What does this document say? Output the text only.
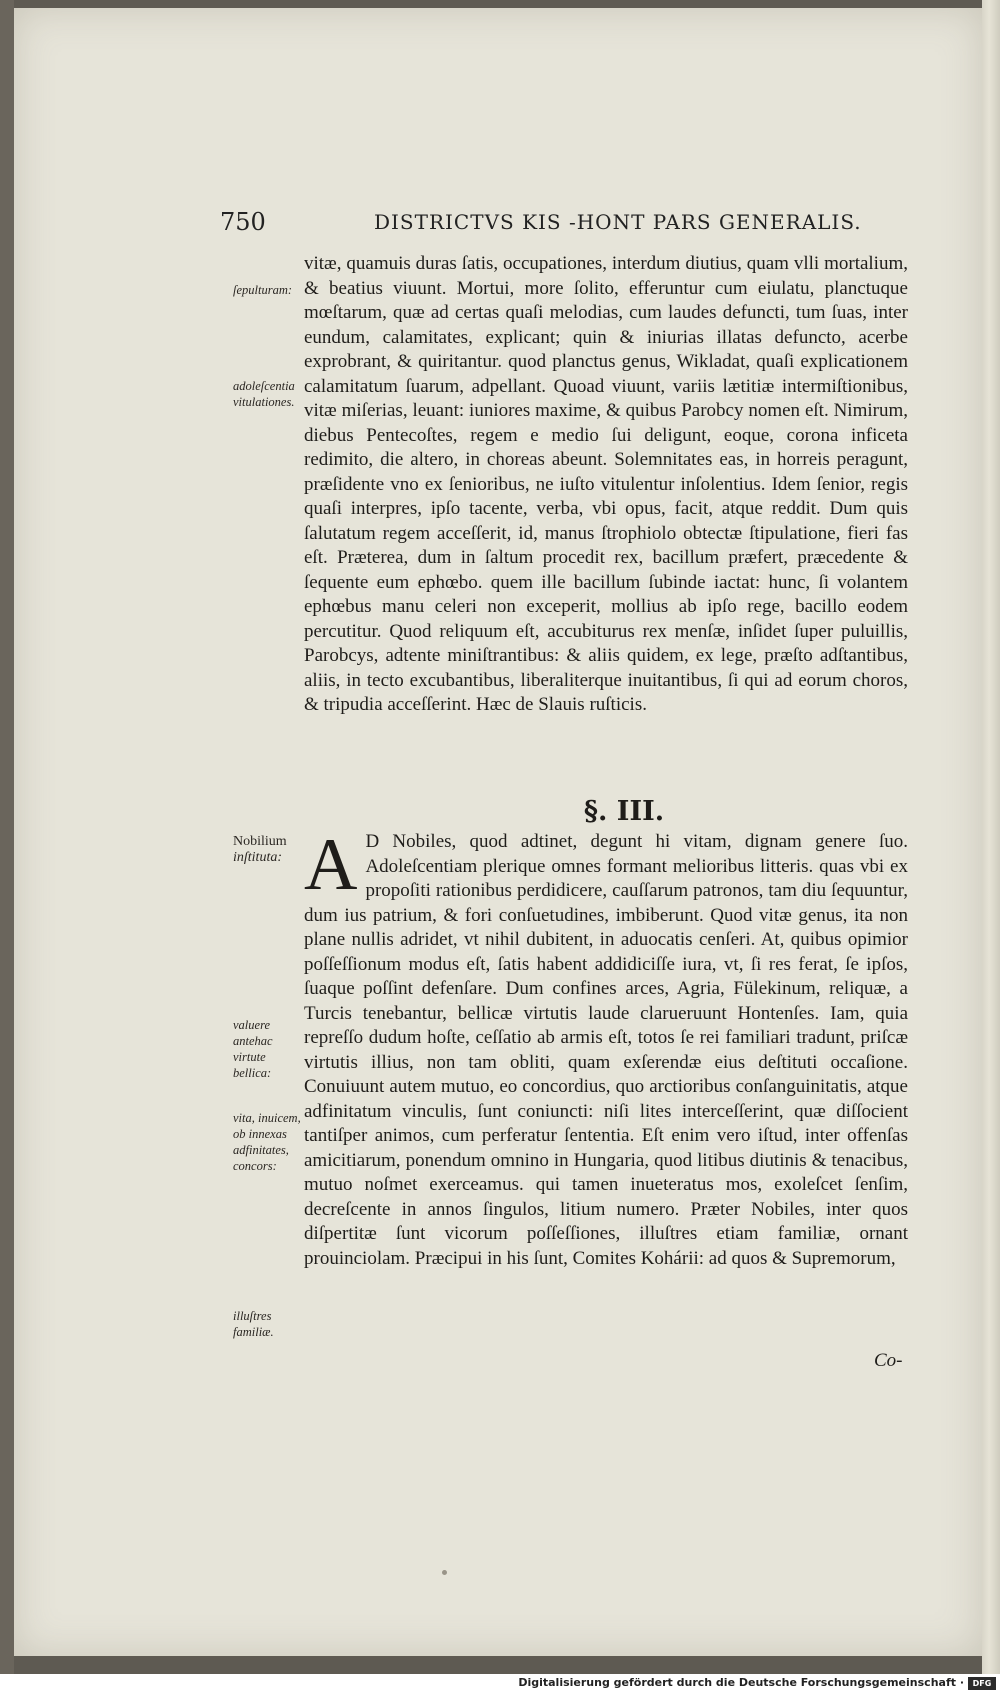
750	DISTRICTVS KIS -HONT PARS GENERALIS.
ſepulturam:
adoleſcentia vitulationes.

vitæ, quamuis duras ſatis, occupationes, interdum diutius, quam vlli mortalium, & beatius viuunt. Mortui, more ſolito, efferuntur cum eiulatu, planctuque mœſtarum, quæ ad certas quaſi melodias, cum laudes defuncti, tum ſuas, inter eundum, calamitates, explicant; quin & iniurias illatas defuncto, acerbe exprobrant, & quiritantur. quod planctus genus, Wikladat, quaſi explicationem calamitatum ſuarum, adpellant. Quoad viuunt, variis lætitiæ intermiſtionibus, vitæ miſerias, leuant: iuniores maxime, & quibus Parobcy nomen eſt. Nimirum, diebus Pentecoſtes, regem e medio ſui deligunt, eoque, corona inficeta redimito, die altero, in choreas abeunt. Solemnitates eas, in horreis peragunt, præſidente vno ex ſenioribus, ne iuſto vitulentur inſolentius. Idem ſenior, regis quaſi interpres, ipſo tacente, verba, vbi opus, facit, atque reddit. Dum quis ſalutatum regem acceſſerit, id, manus ſtrophiolo obtectæ ſtipulatione, fieri fas eſt. Præterea, dum in ſaltum procedit rex, bacillum præfert, præcedente & ſequente eum ephœbo. quem ille bacillum ſubinde iactat: hunc, ſi volantem ephœbus manu celeri non exceperit, mollius ab ipſo rege, bacillo eodem percutitur. Quod reliquum eſt, accubiturus rex menſæ, inſidet ſuper puluillis, Parobcys, adtente miniſtrantibus: & aliis quidem, ex lege, præſto adſtantibus, aliis, in tecto excubantibus, liberaliterque inuitantibus, ſi qui ad eorum choros, & tripudia acceſſerint. Hæc de Slauis ruſticis.

§. III.
Nobilium
inſtituta:
valuere antehac virtute bellica:
vita, inuicem, ob innexas adfinitates, concors:
illuſtres familiæ.
A D Nobiles, quod adtinet, degunt hi vitam, dignam genere ſuo. Adoleſcentiam plerique omnes formant melioribus litteris. quas vbi ex propoſiti rationibus perdidicere, cauſſarum patronos, tam diu ſequuntur, dum ius patrium, & fori conſuetudines, imbiberunt. Quod vitæ genus, ita non plane nullis adridet, vt nihil dubitent, in aduocatis cenſeri. At, quibus opimior poſſeſſionum modus eſt, ſatis habent addidiciſſe iura, vt, ſi res ferat, ſe ipſos, ſuaque poſſint defenſare. Dum confines arces, Agria, Fülekinum, reliquæ, a Turcis tenebantur, bellicæ virtutis laude clarueruunt Hontenſes. Iam, quia repreſſo dudum hoſte, ceſſatio ab armis eſt, totos ſe rei familiari tradunt, priſcæ virtutis illius, non tam obliti, quam exſerendæ eius deſtituti occaſione. Conuiuunt autem mutuo, eo concordius, quo arctioribus conſanguinitatis, atque adfinitatum vinculis, ſunt coniuncti: niſi lites interceſſerint, quæ diſſocient tantiſper animos, cum perferatur ſententia. Eſt enim vero iſtud, inter offenſas amicitiarum, ponendum omnino in Hungaria, quod litibus diutinis & tenacibus, mutuo noſmet exerceamus. qui tamen inueteratus mos, exoleſcet ſenſim, decreſcente in annos ſingulos, litium numero. Præter Nobiles, inter quos diſpertitæ ſunt vicorum poſſeſſiones, illuſtres etiam familiæ, ornant prouinciolam. Præcipui in his ſunt, Comites Kohárii: ad quos & Supremorum,

Co-
Digitalisierung gefördert durch die Deutsche Forschungsgemeinschaft ·	DFG
